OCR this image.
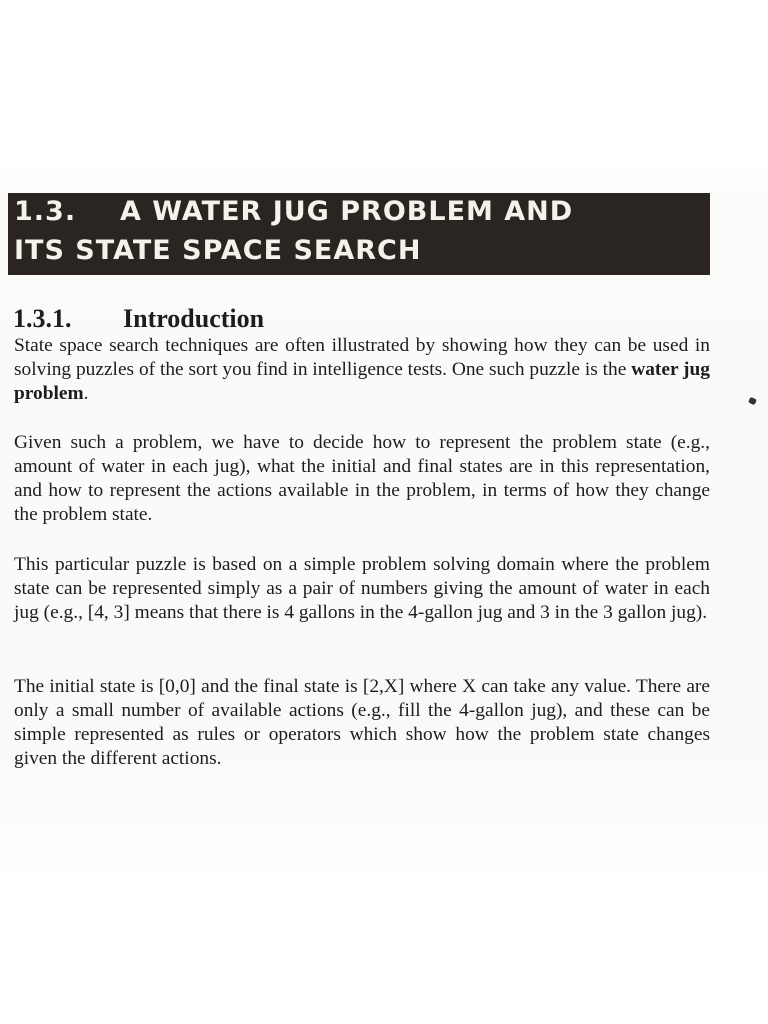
1.3. A WATER JUG PROBLEM AND
ITS STATE SPACE SEARCH
1.3.1. Introduction

State space search techniques are often illustrated by showing how they can be used in solving puzzles of the sort you find in intelligence tests. One such puzzle is the water jug problem.

Given such a problem, we have to decide how to represent the problem state (e.g., amount of water in each jug), what the initial and final states are in this representation, and how to represent the actions available in the problem, in terms of how they change the problem state.

This particular puzzle is based on a simple problem solving domain where the problem state can be represented simply as a pair of numbers giving the amount of water in each jug (e.g., [4, 3] means that there is 4 gallons in the 4-gallon jug and 3 in the 3 gallon jug).

The initial state is [0,0] and the final state is [2,X] where X can take any value. There are only a small number of available actions (e.g., fill the 4-gallon jug), and these can be simple represented as rules or operators which show how the problem state changes given the different actions.
